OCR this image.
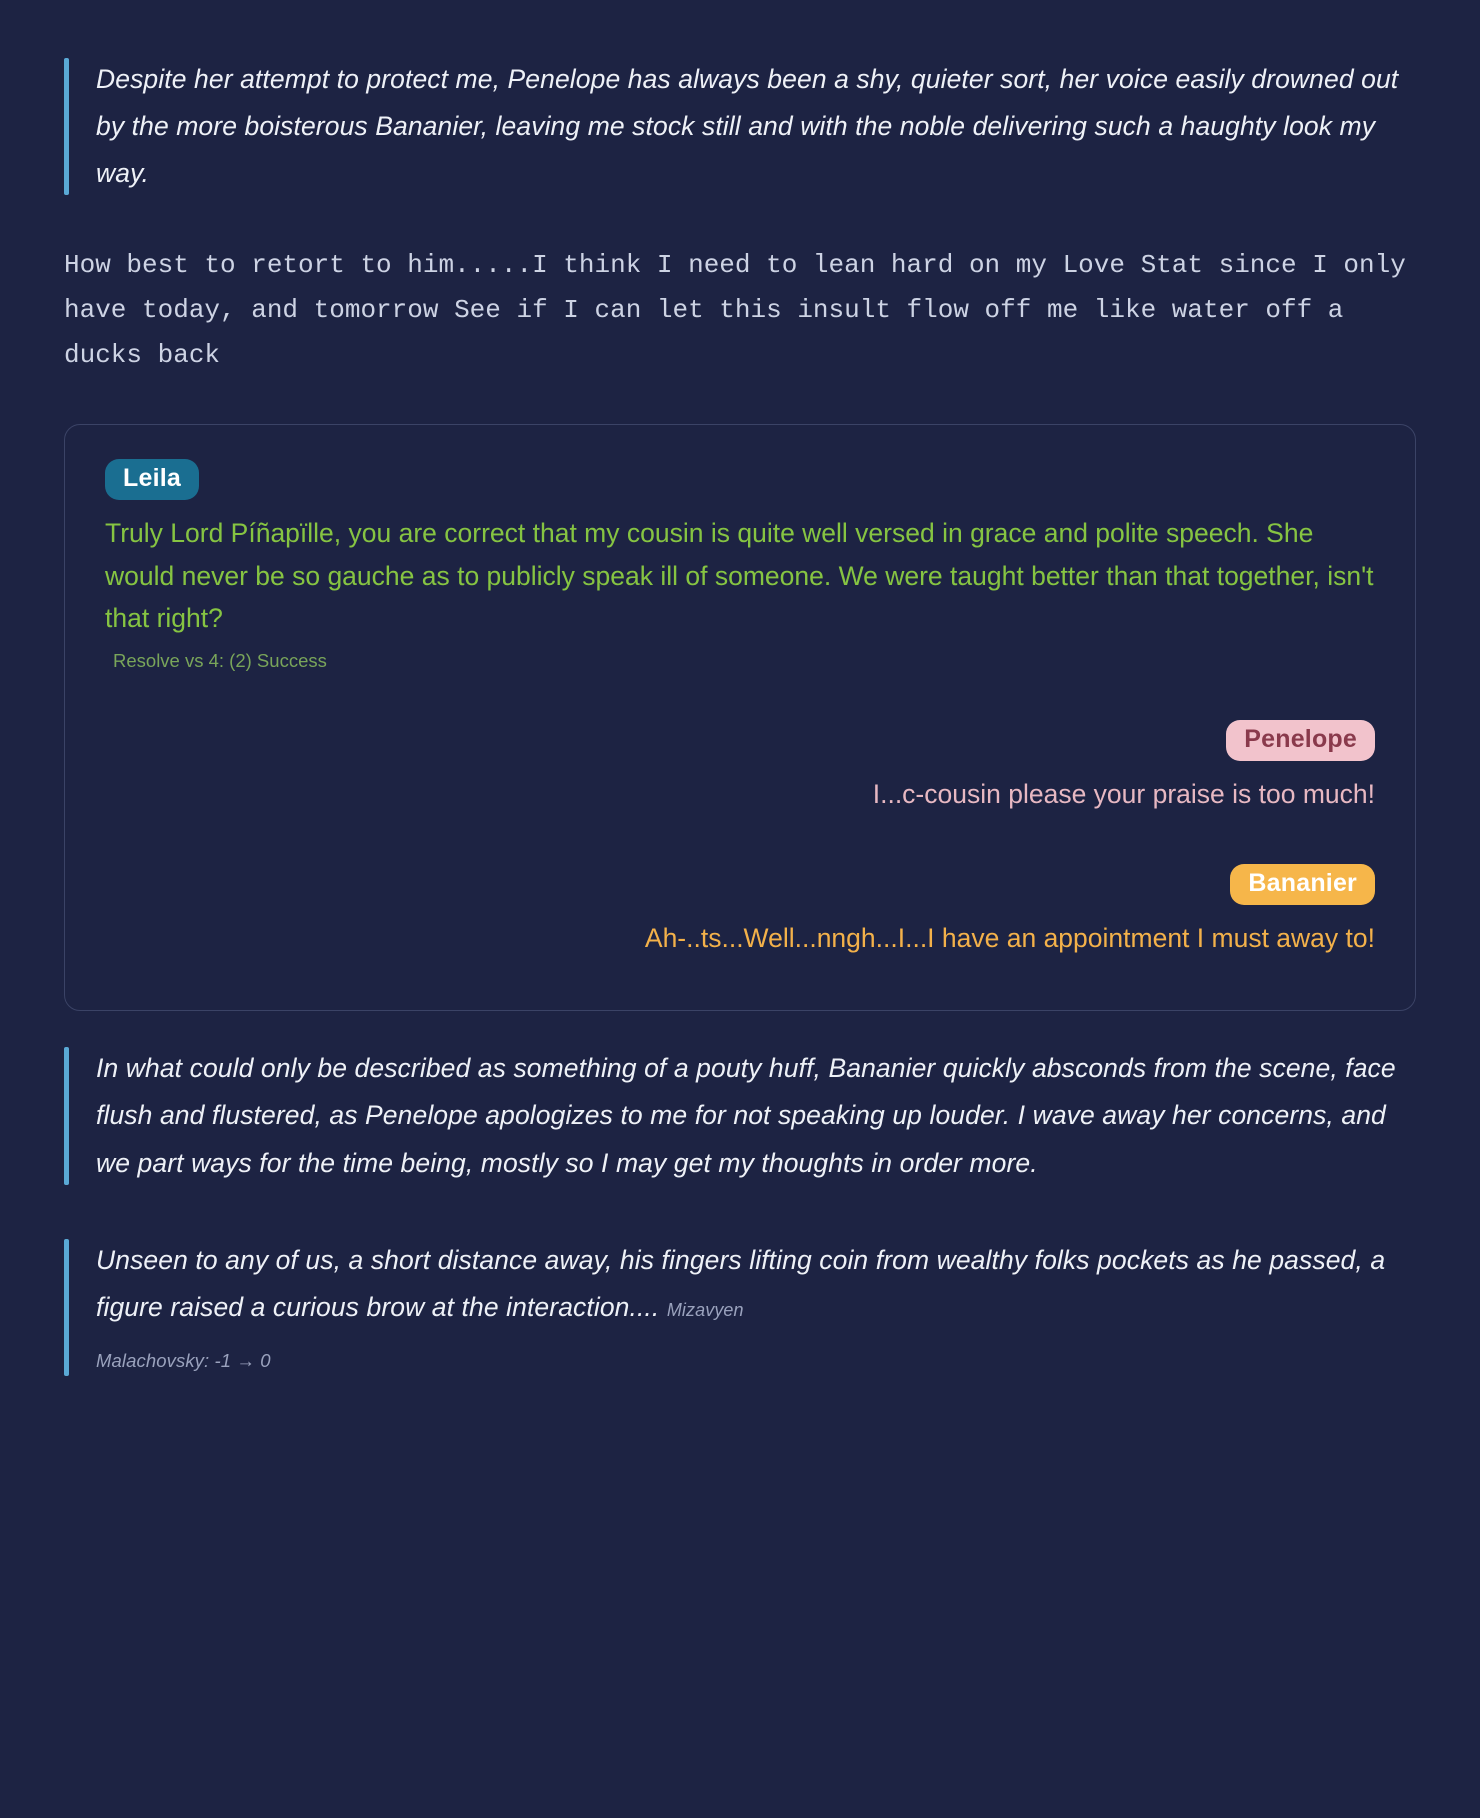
Despite her attempt to protect me, Penelope has always been a shy, quieter sort, her voice easily drowned out by the more boisterous Bananier, leaving me stock still and with the noble delivering such a haughty look my way.

How best to retort to him.....I think I need to lean hard on my Love Stat since I only have today, and tomorrow See if I can let this insult flow off me like water off a ducks back
Leila

Truly Lord Píñapïlle, you are correct that my cousin is quite well versed in grace and polite speech. She would never be so gauche as to publicly speak ill of someone. We were taught better than that together, isn't that right?

Resolve vs 4: (2) Success
Penelope

I...c-cousin please your praise is too much!

Bananier

Ah-..ts...Well...nngh...I...I have an appointment I must away to!

In what could only be described as something of a pouty huff, Bananier quickly absconds from the scene, face flush and flustered, as Penelope apologizes to me for not speaking up louder. I wave away her concerns, and we part ways for the time being, mostly so I may get my thoughts in order more.

Unseen to any of us, a short distance away, his fingers lifting coin from wealthy folks pockets as he passed, a figure raised a curious brow at the interaction.... Mizavyen
Malachovsky: -1 → 0
